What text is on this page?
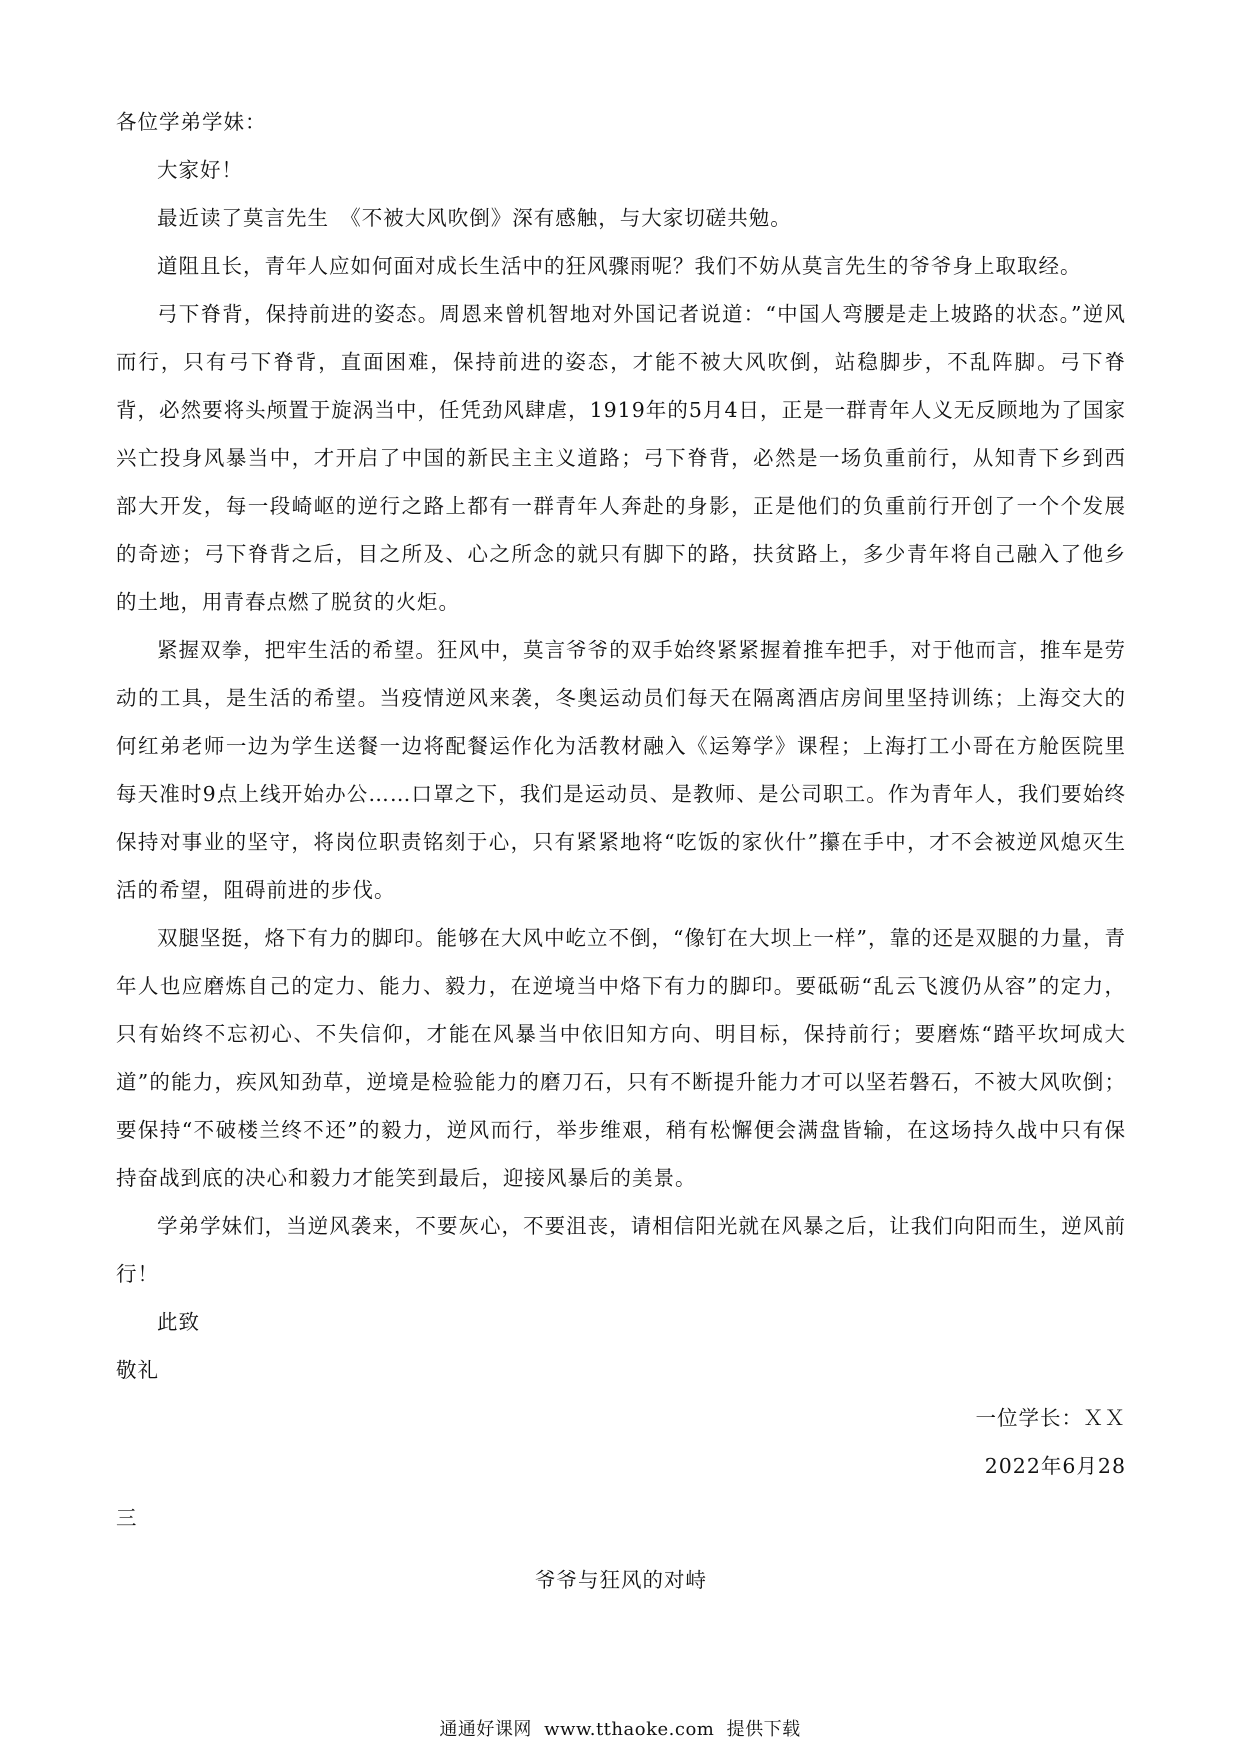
各位学弟学妹：

大家好！

最近读了莫言先生　《不被大风吹倒》深有感触，与大家切磋共勉。

道阻且长，青年人应如何面对成长生活中的狂风骤雨呢？我们不妨从莫言先生的爷爷身上取取经。

弓下脊背，保持前进的姿态。周恩来曾机智地对外国记者说道：“中国人弯腰是走上坡路的状态。”逆风而行，只有弓下脊背，直面困难，保持前进的姿态，才能不被大风吹倒，站稳脚步，不乱阵脚。弓下脊背，必然要将头颅置于旋涡当中，任凭劲风肆虐，1919年的5月4日，正是一群青年人义无反顾地为了国家兴亡投身风暴当中，才开启了中国的新民主主义道路；弓下脊背，必然是一场负重前行，从知青下乡到西部大开发，每一段崎岖的逆行之路上都有一群青年人奔赴的身影，正是他们的负重前行开创了一个个发展的奇迹；弓下脊背之后，目之所及、心之所念的就只有脚下的路，扶贫路上，多少青年将自己融入了他乡的土地，用青春点燃了脱贫的火炬。

紧握双拳，把牢生活的希望。狂风中，莫言爷爷的双手始终紧紧握着推车把手，对于他而言，推车是劳动的工具，是生活的希望。当疫情逆风来袭，冬奥运动员们每天在隔离酒店房间里坚持训练；上海交大的何红弟老师一边为学生送餐一边将配餐运作化为活教材融入《运筹学》课程；上海打工小哥在方舱医院里每天准时9点上线开始办公……口罩之下，我们是运动员、是教师、是公司职工。作为青年人，我们要始终保持对事业的坚守，将岗位职责铭刻于心，只有紧紧地将“吃饭的家伙什”攥在手中，才不会被逆风熄灭生活的希望，阻碍前进的步伐。

双腿坚挺，烙下有力的脚印。能够在大风中屹立不倒，“像钉在大坝上一样”，靠的还是双腿的力量，青年人也应磨炼自己的定力、能力、毅力，在逆境当中烙下有力的脚印。要砥砺“乱云飞渡仍从容”的定力，只有始终不忘初心、不失信仰，才能在风暴当中依旧知方向、明目标，保持前行；要磨炼“踏平坎坷成大道”的能力，疾风知劲草，逆境是检验能力的磨刀石，只有不断提升能力才可以坚若磐石，不被大风吹倒；要保持“不破楼兰终不还”的毅力，逆风而行，举步维艰，稍有松懈便会满盘皆输，在这场持久战中只有保持奋战到底的决心和毅力才能笑到最后，迎接风暴后的美景。

学弟学妹们，当逆风袭来，不要灰心，不要沮丧，请相信阳光就在风暴之后，让我们向阳而生，逆风前行！

此致

敬礼

一位学长：ＸＸ

2022年6月28

三

爷爷与狂风的对峙

通通好课网 www.tthaoke.com 提供下载
